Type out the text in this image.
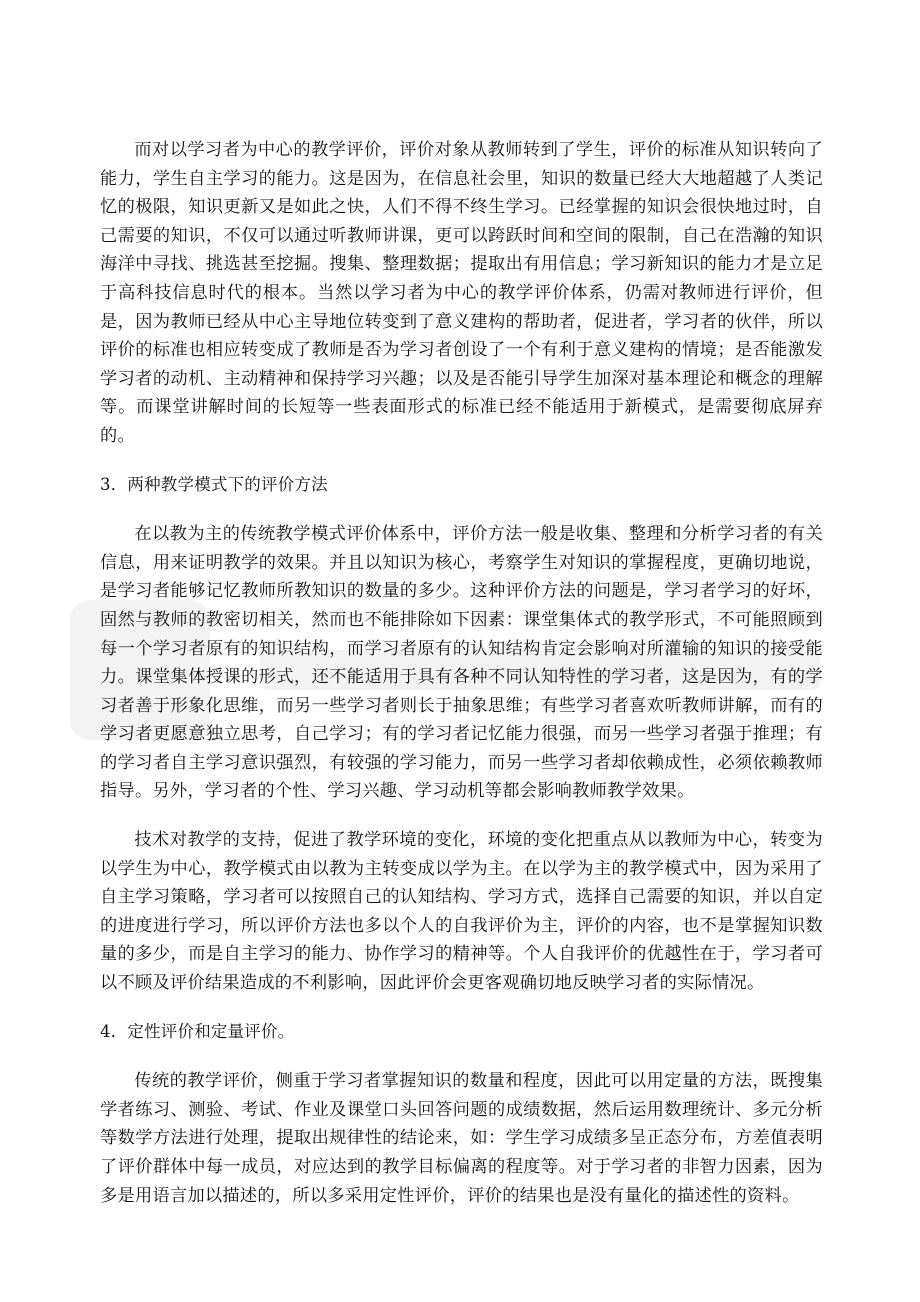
而对以学习者为中心的教学评价，评价对象从教师转到了学生，评价的标准从知识转向了能力，学生自主学习的能力。这是因为，在信息社会里，知识的数量已经大大地超越了人类记忆的极限，知识更新又是如此之快，人们不得不终生学习。已经掌握的知识会很快地过时，自己需要的知识，不仅可以通过听教师讲课，更可以跨跃时间和空间的限制，自己在浩瀚的知识海洋中寻找、挑选甚至挖掘。搜集、整理数据；提取出有用信息；学习新知识的能力才是立足于高科技信息时代的根本。当然以学习者为中心的教学评价体系，仍需对教师进行评价，但是，因为教师已经从中心主导地位转变到了意义建构的帮助者，促进者，学习者的伙伴，所以评价的标准也相应转变成了教师是否为学习者创设了一个有利于意义建构的情境；是否能激发学习者的动机、主动精神和保持学习兴趣；以及是否能引导学生加深对基本理论和概念的理解等。而课堂讲解时间的长短等一些表面形式的标准已经不能适用于新模式，是需要彻底屏弃的。

3．两种教学模式下的评价方法

在以教为主的传统教学模式评价体系中，评价方法一般是收集、整理和分析学习者的有关信息，用来证明教学的效果。并且以知识为核心，考察学生对知识的掌握程度，更确切地说，是学习者能够记忆教师所教知识的数量的多少。这种评价方法的问题是，学习者学习的好坏，固然与教师的教密切相关，然而也不能排除如下因素：课堂集体式的教学形式，不可能照顾到每一个学习者原有的知识结构，而学习者原有的认知结构肯定会影响对所灌输的知识的接受能力。课堂集体授课的形式，还不能适用于具有各种不同认知特性的学习者，这是因为，有的学习者善于形象化思维，而另一些学习者则长于抽象思维；有些学习者喜欢听教师讲解，而有的学习者更愿意独立思考，自己学习；有的学习者记忆能力很强，而另一些学习者强于推理；有的学习者自主学习意识强烈，有较强的学习能力，而另一些学习者却依赖成性，必须依赖教师指导。另外，学习者的个性、学习兴趣、学习动机等都会影响教师教学效果。

技术对教学的支持，促进了教学环境的变化，环境的变化把重点从以教师为中心，转变为以学生为中心，教学模式由以教为主转变成以学为主。在以学为主的教学模式中，因为采用了自主学习策略，学习者可以按照自己的认知结构、学习方式，选择自己需要的知识，并以自定的进度进行学习，所以评价方法也多以个人的自我评价为主，评价的内容，也不是掌握知识数量的多少，而是自主学习的能力、协作学习的精神等。个人自我评价的优越性在于，学习者可以不顾及评价结果造成的不利影响，因此评价会更客观确切地反映学习者的实际情况。

4．定性评价和定量评价。

传统的教学评价，侧重于学习者掌握知识的数量和程度，因此可以用定量的方法，既搜集学者练习、测验、考试、作业及课堂口头回答问题的成绩数据，然后运用数理统计、多元分析等数学方法进行处理，提取出规律性的结论来，如：学生学习成绩多呈正态分布，方差值表明了评价群体中每一成员，对应达到的教学目标偏离的程度等。对于学习者的非智力因素，因为多是用语言加以描述的，所以多采用定性评价，评价的结果也是没有量化的描述性的资料。
